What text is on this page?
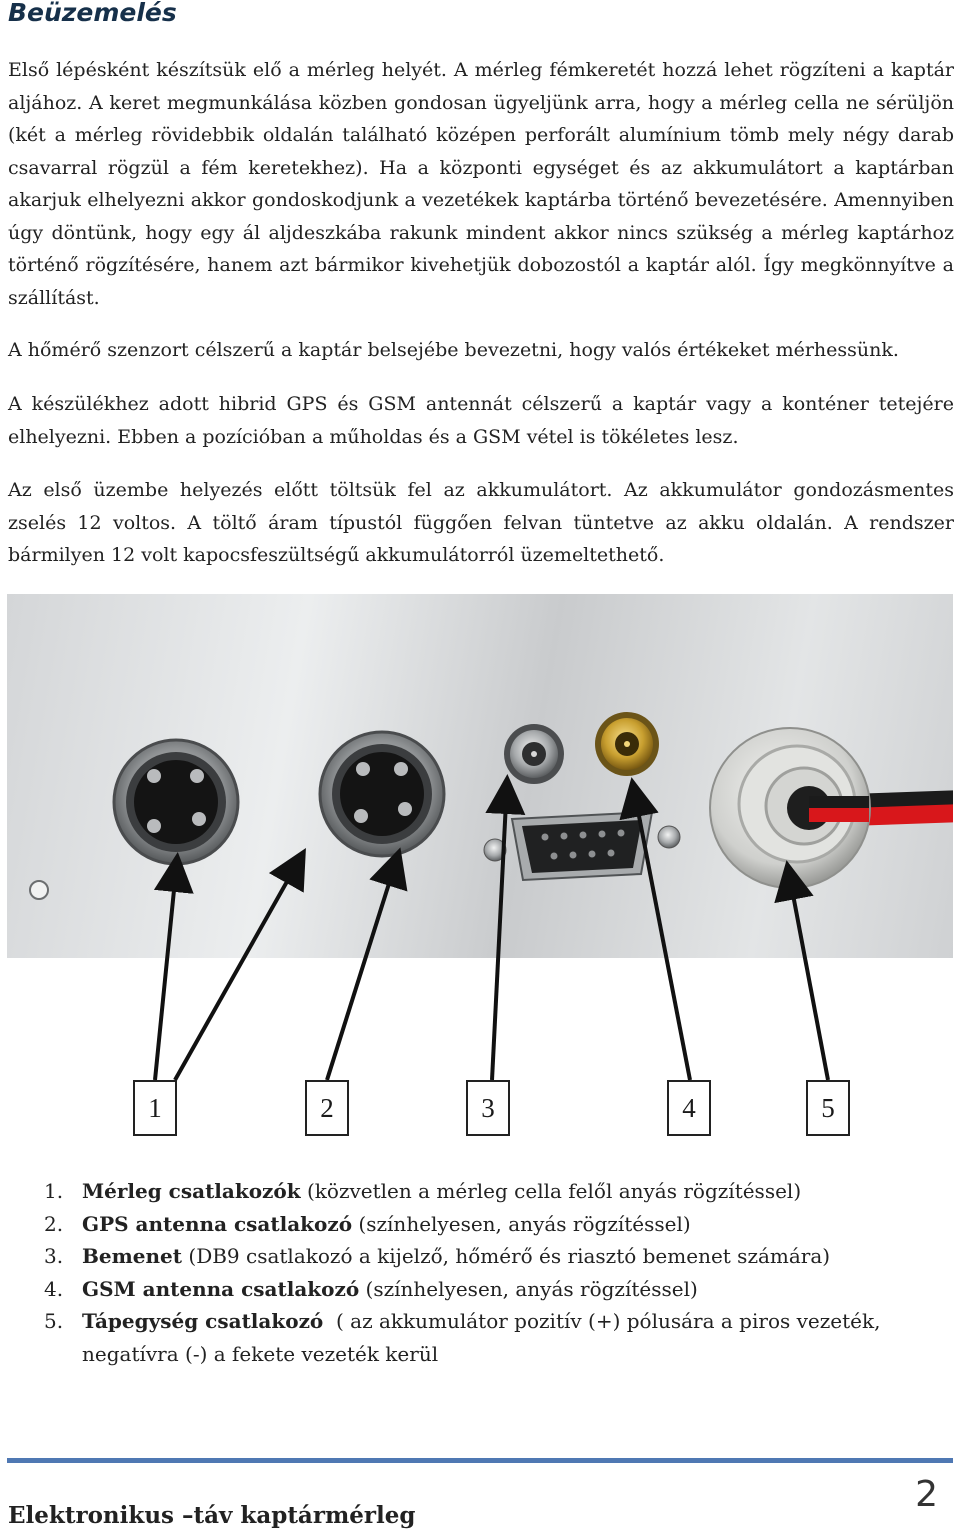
Beüzemelés

Első lépésként készítsük elő a mérleg helyét. A mérleg fémkeretét hozzá lehet rögzíteni a kaptár aljához. A keret megmunkálása közben gondosan ügyeljünk arra, hogy a mérleg cella ne sérüljön (két a mérleg rövidebbik oldalán található középen perforált alumínium tömb mely négy darab csavarral rögzül a fém keretekhez). Ha a központi egységet és az akkumulátort a kaptárban akarjuk elhelyezni akkor gondoskodjunk a vezetékek kaptárba történő bevezetésére. Amennyiben úgy döntünk, hogy egy ál aljdeszkába rakunk mindent akkor nincs szükség a mérleg kaptárhoz történő rögzítésére, hanem azt bármikor kivehetjük dobozostól a kaptár alól. Így megkönnyítve a szállítást.

A hőmérő szenzort célszerű a kaptár belsejébe bevezetni, hogy valós értékeket mérhessünk.

A készülékhez adott hibrid GPS és GSM antennát célszerű a kaptár vagy a konténer tetejére elhelyezni. Ebben a pozícióban a műholdas és a GSM vétel is tökéletes lesz.

Az első üzembe helyezés előtt töltsük fel az akkumulátort. Az akkumulátor gondozásmentes zselés 12 voltos. A töltő áram típustól függően felvan tüntetve az akku oldalán. A rendszer bármilyen 12 volt kapocsfeszültségű akkumulátorról üzemeltethető.

1	2	3	4	5
1. Mérleg csatlakozók (közvetlen a mérleg cella felől anyás rögzítéssel)
2. GPS antenna csatlakozó (színhelyesen, anyás rögzítéssel)
3. Bemenet (DB9 csatlakozó a kijelző, hőmérő és riasztó bemenet számára)
4. GSM antenna csatlakozó (színhelyesen, anyás rögzítéssel)
5. Tápegység csatlakozó  ( az akkumulátor pozitív (+) pólusára a piros vezeték, negatívra (-) a fekete vezeték kerül
Elektronikus –táv kaptármérleg
2
